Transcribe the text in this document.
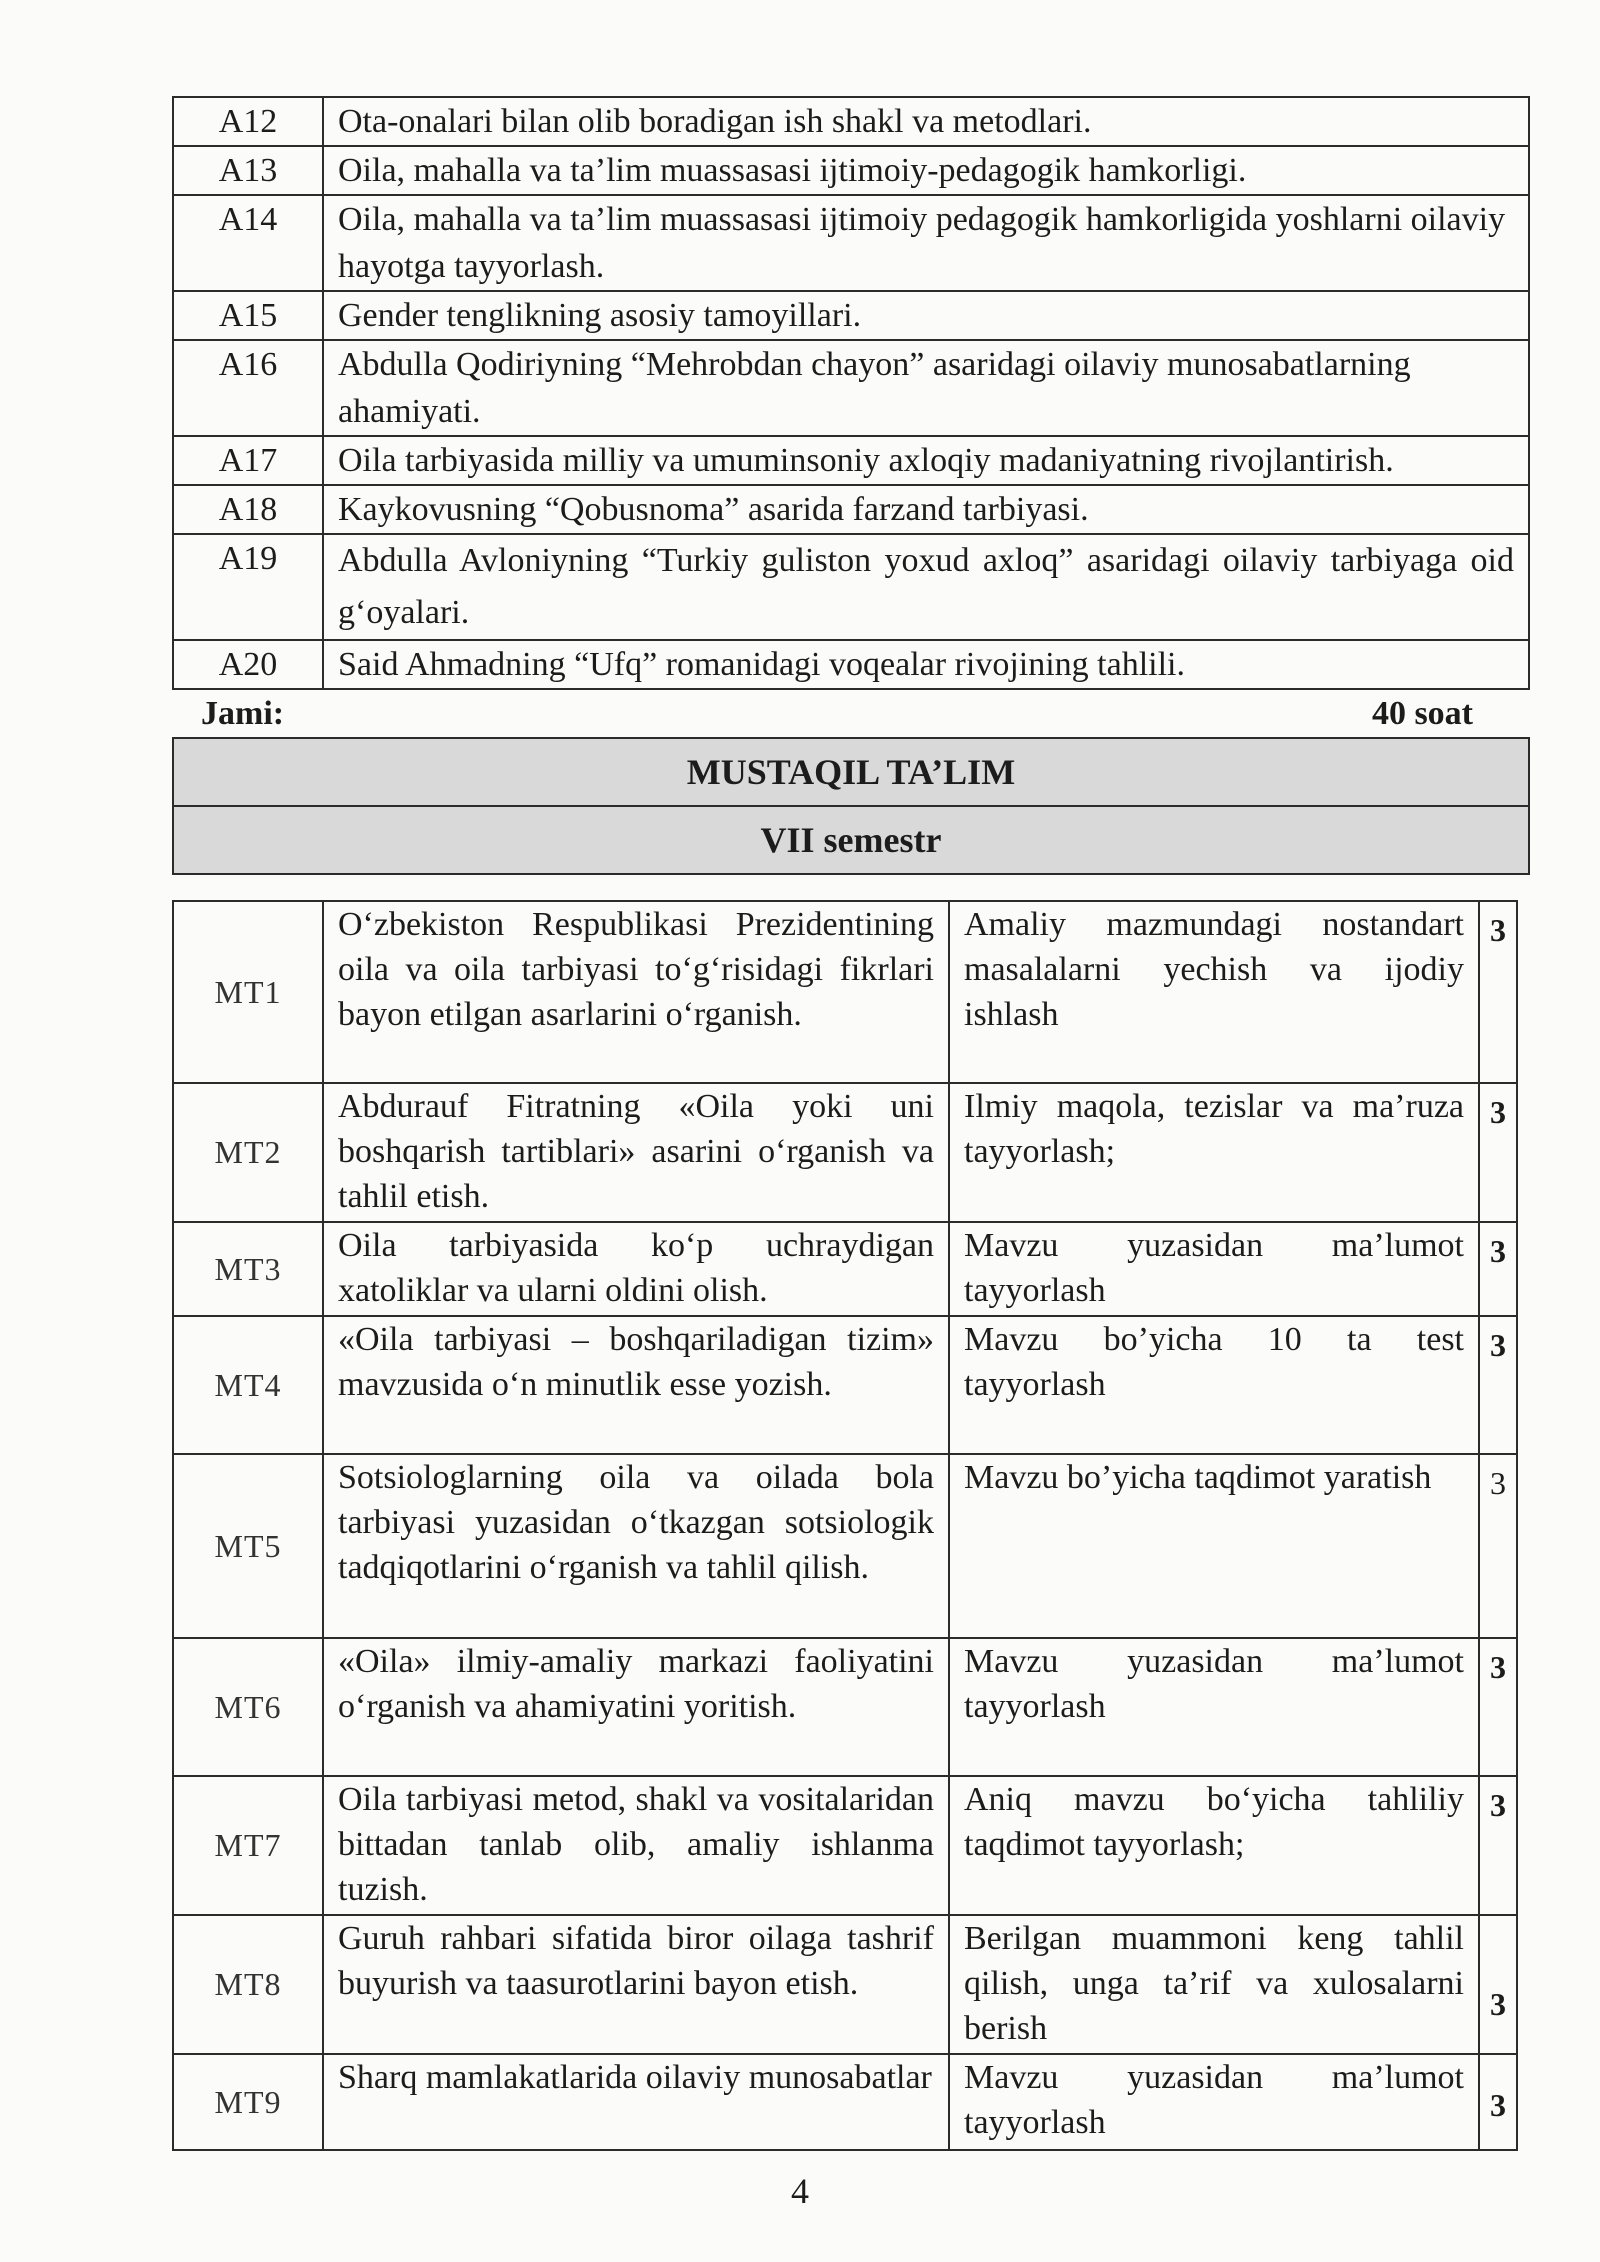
A12	Ota-onalari bilan olib boradigan ish shakl va metodlari.
A13	Oila, mahalla va ta’lim muassasasi ijtimoiy-pedagogik hamkorligi.
A14	Oila, mahalla va ta’lim muassasasi ijtimoiy pedagogik hamkorligida yoshlarni oilaviy hayotga tayyorlash.
A15	Gender tenglikning asosiy tamoyillari.
A16	Abdulla Qodiriyning “Mehrobdan chayon” asaridagi oilaviy munosabatlarning ahamiyati.
A17	Oila tarbiyasida milliy va umuminsoniy axloqiy madaniyatning rivojlantirish.
A18	Kaykovusning “Qobusnoma” asarida farzand tarbiyasi.
A19	Abdulla Avloniyning “Turkiy guliston yoxud axloq” asaridagi oilaviy tarbiyaga oid g‘oyalari.
A20	Said Ahmadning “Ufq” romanidagi voqealar rivojining tahlili.

Jami: 40 soat	

MUSTAQIL TA’LIM	
VII semestr	
MT1	O‘zbekiston Respublikasi Prezidentining oila va oila tarbiyasi to‘g‘risidagi fikrlari bayon etilgan asarlarini o‘rganish.	Amaliy mazmundagi nostandart masalalarni yechish va ijodiy ishlash	3
MT2	Abdurauf Fitratning «Oila yoki uni boshqarish tartiblari» asarini o‘rganish va tahlil etish.	Ilmiy maqola, tezislar va ma’ruza tayyorlash;	3
MT3	Oila tarbiyasida ko‘p uchraydigan xatoliklar va ularni oldini olish.	Mavzu yuzasidan ma’lumot tayyorlash	3
MT4	«Oila tarbiyasi – boshqariladigan tizim» mavzusida o‘n minutlik esse yozish.	Mavzu bo’yicha 10 ta test tayyorlash	3
MT5	Sotsiologlarning oila va oilada bola tarbiyasi yuzasidan o‘tkazgan sotsiologik tadqiqotlarini o‘rganish va tahlil qilish.	Mavzu bo’yicha taqdimot yaratish	3
MT6	«Oila» ilmiy-amaliy markazi faoliyatini o‘rganish va ahamiyatini yoritish.	Mavzu yuzasidan ma’lumot tayyorlash	3
MT7	Oila tarbiyasi metod, shakl va vositalaridan bittadan tanlab olib, amaliy ishlanma tuzish.	Aniq mavzu bo‘yicha tahliliy taqdimot tayyorlash;	3
MT8	Guruh rahbari sifatida biror oilaga tashrif buyurish va taasurotlarini bayon etish.	Berilgan muammoni keng tahlil qilish, unga ta’rif va xulosalarni berish	3
MT9	Sharq mamlakatlarida oilaviy munosabatlar	Mavzu yuzasidan ma’lumot tayyorlash	3
4
